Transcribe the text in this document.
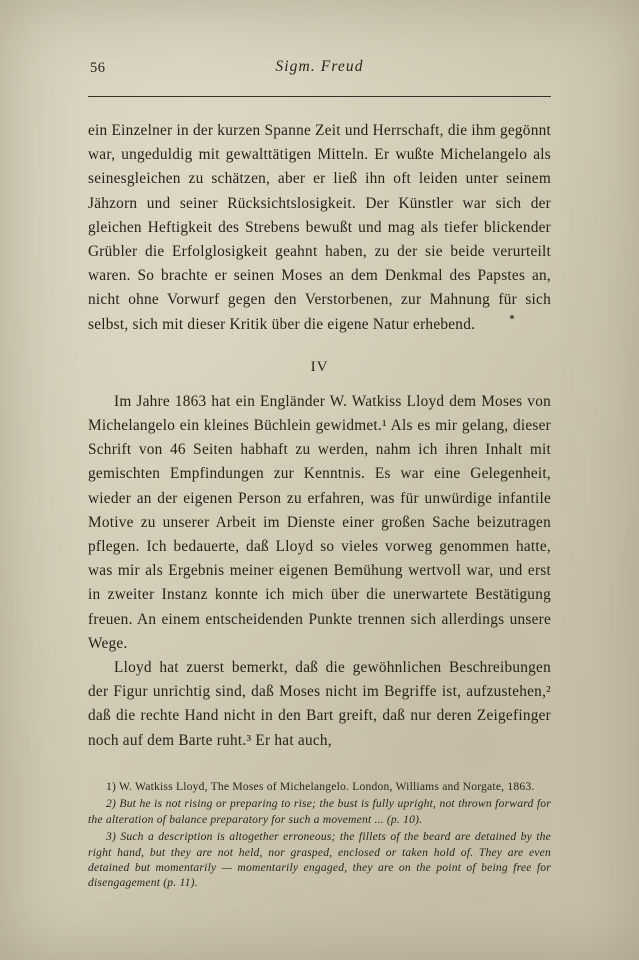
56	Sigm. Freud

ein Einzelner in der kurzen Spanne Zeit und Herrschaft, die ihm gegönnt war, ungeduldig mit gewalttätigen Mitteln. Er wußte Michelangelo als seinesgleichen zu schätzen, aber er ließ ihn oft leiden unter seinem Jähzorn und seiner Rücksichtslosigkeit. Der Künstler war sich der gleichen Heftigkeit des Strebens bewußt und mag als tiefer blickender Grübler die Erfolglosigkeit geahnt haben, zu der sie beide verurteilt waren. So brachte er seinen Moses an dem Denkmal des Papstes an, nicht ohne Vorwurf gegen den Verstorbenen, zur Mahnung für sich selbst, sich mit dieser Kritik über die eigene Natur erhebend.

IV

Im Jahre 1863 hat ein Engländer W. Watkiss Lloyd dem Moses von Michelangelo ein kleines Büchlein gewidmet.¹ Als es mir gelang, dieser Schrift von 46 Seiten habhaft zu werden, nahm ich ihren Inhalt mit gemischten Empfindungen zur Kenntnis. Es war eine Gelegenheit, wieder an der eigenen Person zu erfahren, was für unwürdige infantile Motive zu unserer Arbeit im Dienste einer großen Sache beizutragen pflegen. Ich bedauerte, daß Lloyd so vieles vorweg genommen hatte, was mir als Ergebnis meiner eigenen Bemühung wertvoll war, und erst in zweiter Instanz konnte ich mich über die unerwartete Bestätigung freuen. An einem entscheidenden Punkte trennen sich allerdings unsere Wege.

Lloyd hat zuerst bemerkt, daß die gewöhnlichen Beschreibungen der Figur unrichtig sind, daß Moses nicht im Begriffe ist, aufzustehen,² daß die rechte Hand nicht in den Bart greift, daß nur deren Zeigefinger noch auf dem Barte ruht.³ Er hat auch,

1) W. Watkiss Lloyd, The Moses of Michelangelo. London, Williams and Norgate, 1863.

2) But he is not rising or preparing to rise; the bust is fully upright, not thrown forward for the alteration of balance preparatory for such a movement ... (p. 10).

3) Such a description is altogether erroneous; the fillets of the beard are detained by the right hand, but they are not held, nor grasped, enclosed or taken hold of. They are even detained but momentarily — momentarily engaged, they are on the point of being free for disengagement (p. 11).
